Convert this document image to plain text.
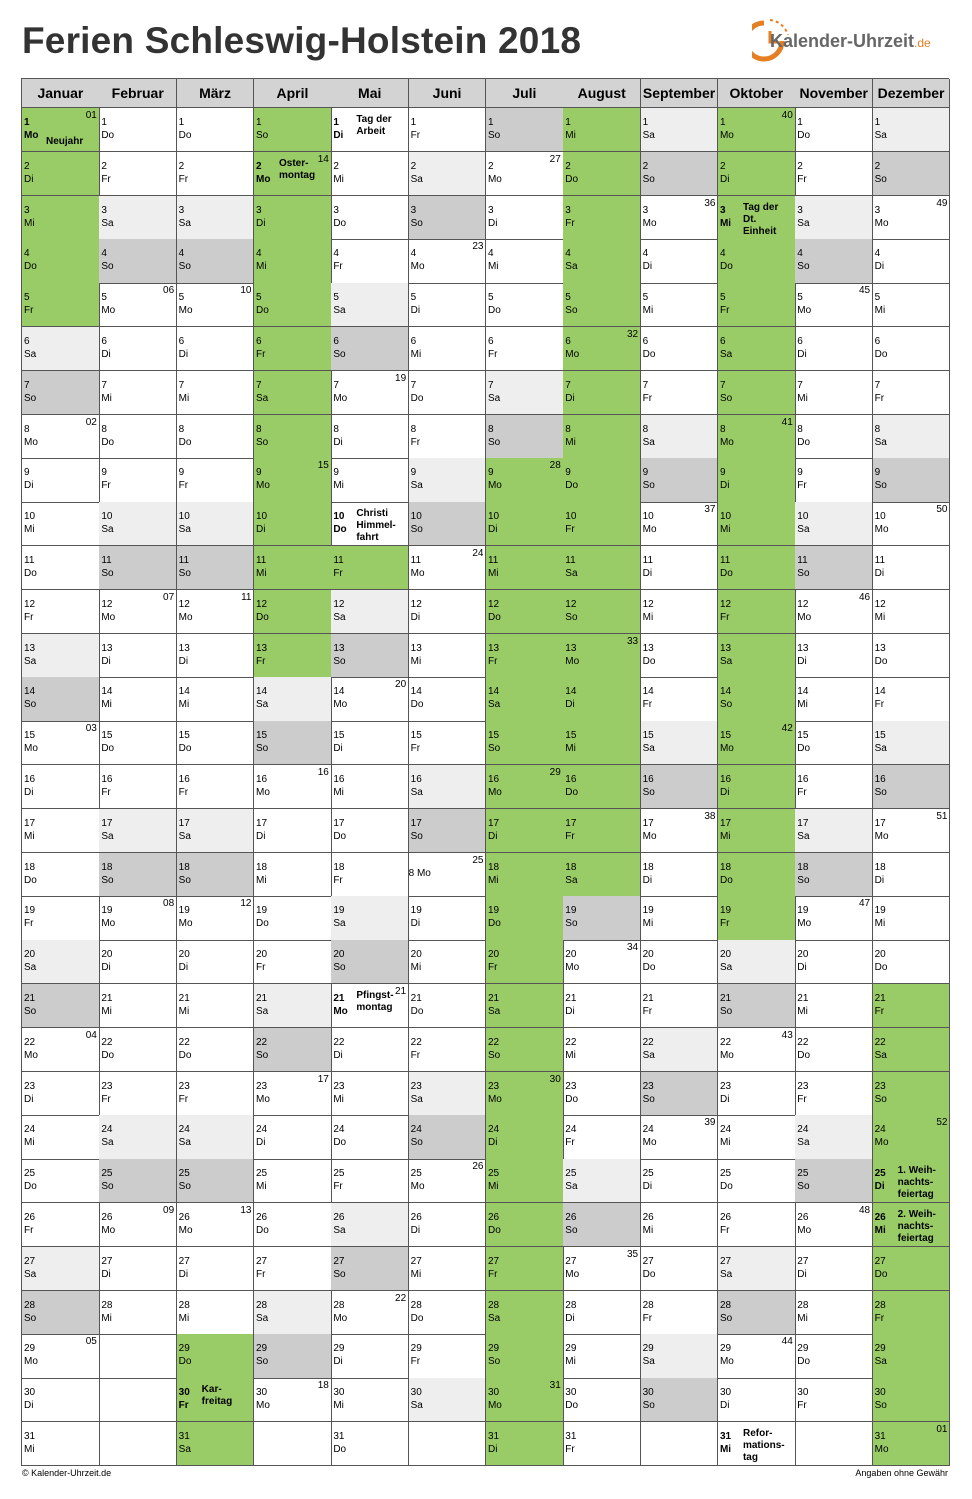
Ferien Schleswig-Holstein 2018	Kalender-Uhrzeit.de
Januar
1
Mo
Neujahr
01
2
Di
3
Mi
4
Do
5
Fr
6
Sa
7
So
8
Mo
02
9
Di
10
Mi
11
Do
12
Fr
13
Sa
14
So
15
Mo
03
16
Di
17
Mi
18
Do
19
Fr
20
Sa
21
So
22
Mo
04
23
Di
24
Mi
25
Do
26
Fr
27
Sa
28
So
29
Mo
05
30
Di
31
Mi
Februar
1
Do
2
Fr
3
Sa
4
So
5
Mo
06
6
Di
7
Mi
8
Do
9
Fr
10
Sa
11
So
12
Mo
07
13
Di
14
Mi
15
Do
16
Fr
17
Sa
18
So
19
Mo
08
20
Di
21
Mi
22
Do
23
Fr
24
Sa
25
So
26
Mo
09
27
Di
28
Mi
März
1
Do
2
Fr
3
Sa
4
So
5
Mo
10
6
Di
7
Mi
8
Do
9
Fr
10
Sa
11
So
12
Mo
11
13
Di
14
Mi
15
Do
16
Fr
17
Sa
18
So
19
Mo
12
20
Di
21
Mi
22
Do
23
Fr
24
Sa
25
So
26
Mo
13
27
Di
28
Mi
29
Do
30
Fr
Kar-
freitag
31
Sa
April
1
So
2
Mo
Oster-
montag
14
3
Di
4
Mi
5
Do
6
Fr
7
Sa
8
So
9
Mo
15
10
Di
11
Mi
12
Do
13
Fr
14
Sa
15
So
16
Mo
16
17
Di
18
Mi
19
Do
20
Fr
21
Sa
22
So
23
Mo
17
24
Di
25
Mi
26
Do
27
Fr
28
Sa
29
So
30
Mo
18
Mai
1
Di
Tag der
Arbeit
2
Mi
3
Do
4
Fr
5
Sa
6
So
7
Mo
19
8
Di
9
Mi
10
Do
Christi
Himmel-
fahrt
11
Fr
12
Sa
13
So
14
Mo
20
15
Di
16
Mi
17
Do
18
Fr
19
Sa
20
So
21
Mo
Pfingst-
montag
21
22
Di
23
Mi
24
Do
25
Fr
26
Sa
27
So
28
Mo
22
29
Di
30
Mi
31
Do
Juni
1
Fr
2
Sa
3
So
4
Mo
23
5
Di
6
Mi
7
Do
8
Fr
9
Sa
10
So
11
Mo
24
12
Di
13
Mi
14
Do
15
Fr
16
Sa
17
So
8 Mo
25
19
Di
20
Mi
21
Do
22
Fr
23
Sa
24
So
25
Mo
26
26
Di
27
Mi
28
Do
29
Fr
30
Sa
Juli
1
So
2
Mo
27
3
Di
4
Mi
5
Do
6
Fr
7
Sa
8
So
9
Mo
28
10
Di
11
Mi
12
Do
13
Fr
14
Sa
15
So
16
Mo
29
17
Di
18
Mi
19
Do
20
Fr
21
Sa
22
So
23
Mo
30
24
Di
25
Mi
26
Do
27
Fr
28
Sa
29
So
30
Mo
31
31
Di
August
1
Mi
2
Do
3
Fr
4
Sa
5
So
6
Mo
32
7
Di
8
Mi
9
Do
10
Fr
11
Sa
12
So
13
Mo
33
14
Di
15
Mi
16
Do
17
Fr
18
Sa
19
So
20
Mo
34
21
Di
22
Mi
23
Do
24
Fr
25
Sa
26
So
27
Mo
35
28
Di
29
Mi
30
Do
31
Fr
September
1
Sa
2
So
3
Mo
36
4
Di
5
Mi
6
Do
7
Fr
8
Sa
9
So
10
Mo
37
11
Di
12
Mi
13
Do
14
Fr
15
Sa
16
So
17
Mo
38
18
Di
19
Mi
20
Do
21
Fr
22
Sa
23
So
24
Mo
39
25
Di
26
Mi
27
Do
28
Fr
29
Sa
30
So
Oktober
1
Mo
40
2
Di
3
Mi
Tag der
Dt.
Einheit
4
Do
5
Fr
6
Sa
7
So
8
Mo
41
9
Di
10
Mi
11
Do
12
Fr
13
Sa
14
So
15
Mo
42
16
Di
17
Mi
18
Do
19
Fr
20
Sa
21
So
22
Mo
43
23
Di
24
Mi
25
Do
26
Fr
27
Sa
28
So
29
Mo
44
30
Di
31
Mi
Refor-
mations-
tag
November
1
Do
2
Fr
3
Sa
4
So
5
Mo
45
6
Di
7
Mi
8
Do
9
Fr
10
Sa
11
So
12
Mo
46
13
Di
14
Mi
15
Do
16
Fr
17
Sa
18
So
19
Mo
47
20
Di
21
Mi
22
Do
23
Fr
24
Sa
25
So
26
Mo
48
27
Di
28
Mi
29
Do
30
Fr
Dezember
1
Sa
2
So
3
Mo
49
4
Di
5
Mi
6
Do
7
Fr
8
Sa
9
So
10
Mo
50
11
Di
12
Mi
13
Do
14
Fr
15
Sa
16
So
17
Mo
51
18
Di
19
Mi
20
Do
21
Fr
22
Sa
23
So
24
Mo
52
25
Di
1. Weih-
nachts-
feiertag
26
Mi
2. Weih-
nachts-
feiertag
27
Do
28
Fr
29
Sa
30
So
31
Mo
01
© Kalender-Uhrzeit.de	Angaben ohne Gewähr
